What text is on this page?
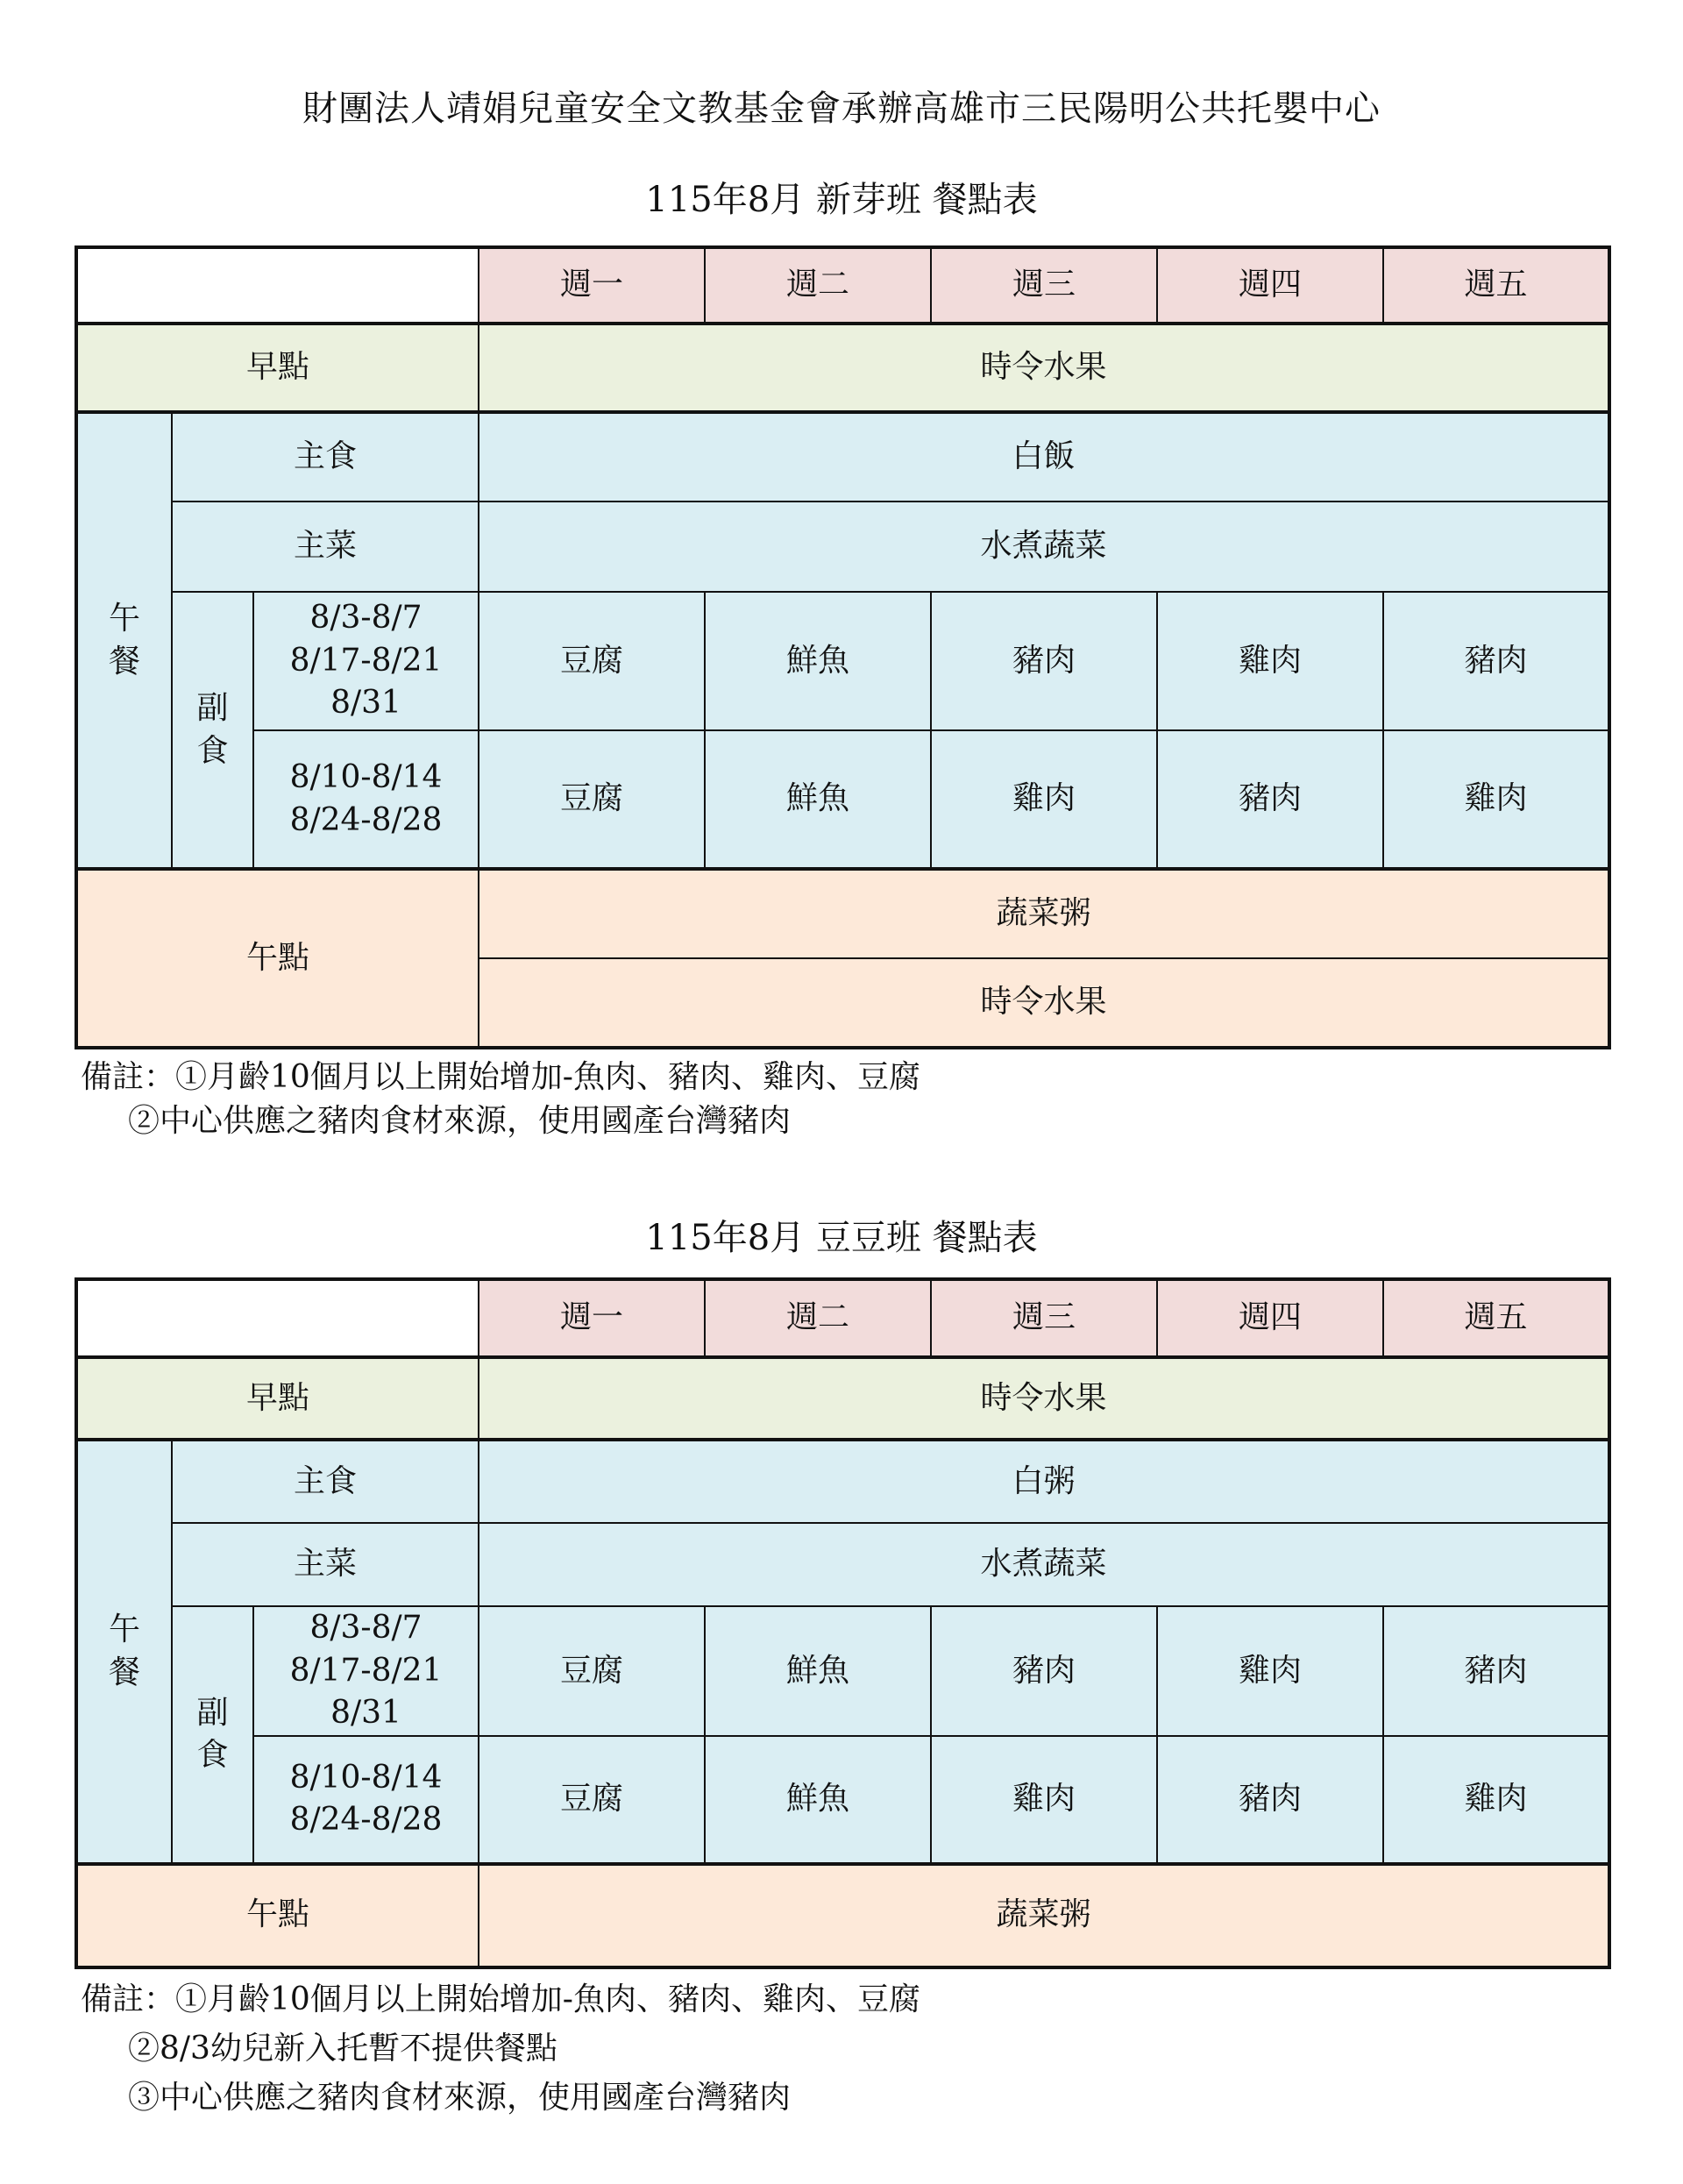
財團法人靖娟兒童安全文教基金會承辦高雄市三民陽明公共托嬰中心
115年8月 新芽班 餐點表
			週一	週二	週三	週四	週五
早點			時令水果				
午餐	主食		白飯				
	主菜		水煮蔬菜				
	副食	8/3-8/7
8/17-8/21
8/31	豆腐	鮮魚	豬肉	雞肉	豬肉

		8/10-8/14
8/24-8/28	豆腐	鮮魚	雞肉	豬肉	雞肉
午點			蔬菜粥				
			時令水果				
備註：①月齡10個月以上開始增加-魚肉、豬肉、雞肉、豆腐
②中心供應之豬肉食材來源，使用國產台灣豬肉
115年8月 豆豆班 餐點表
			週一	週二	週三	週四	週五
早點			時令水果				
午餐	主食		白粥				
	主菜		水煮蔬菜				
	副食	8/3-8/7
8/17-8/21
8/31	豆腐	鮮魚	豬肉	雞肉	豬肉

		8/10-8/14
8/24-8/28	豆腐	鮮魚	雞肉	豬肉	雞肉
午點			蔬菜粥				
備註：①月齡10個月以上開始增加-魚肉、豬肉、雞肉、豆腐
②8/3幼兒新入托暫不提供餐點
③中心供應之豬肉食材來源，使用國產台灣豬肉
